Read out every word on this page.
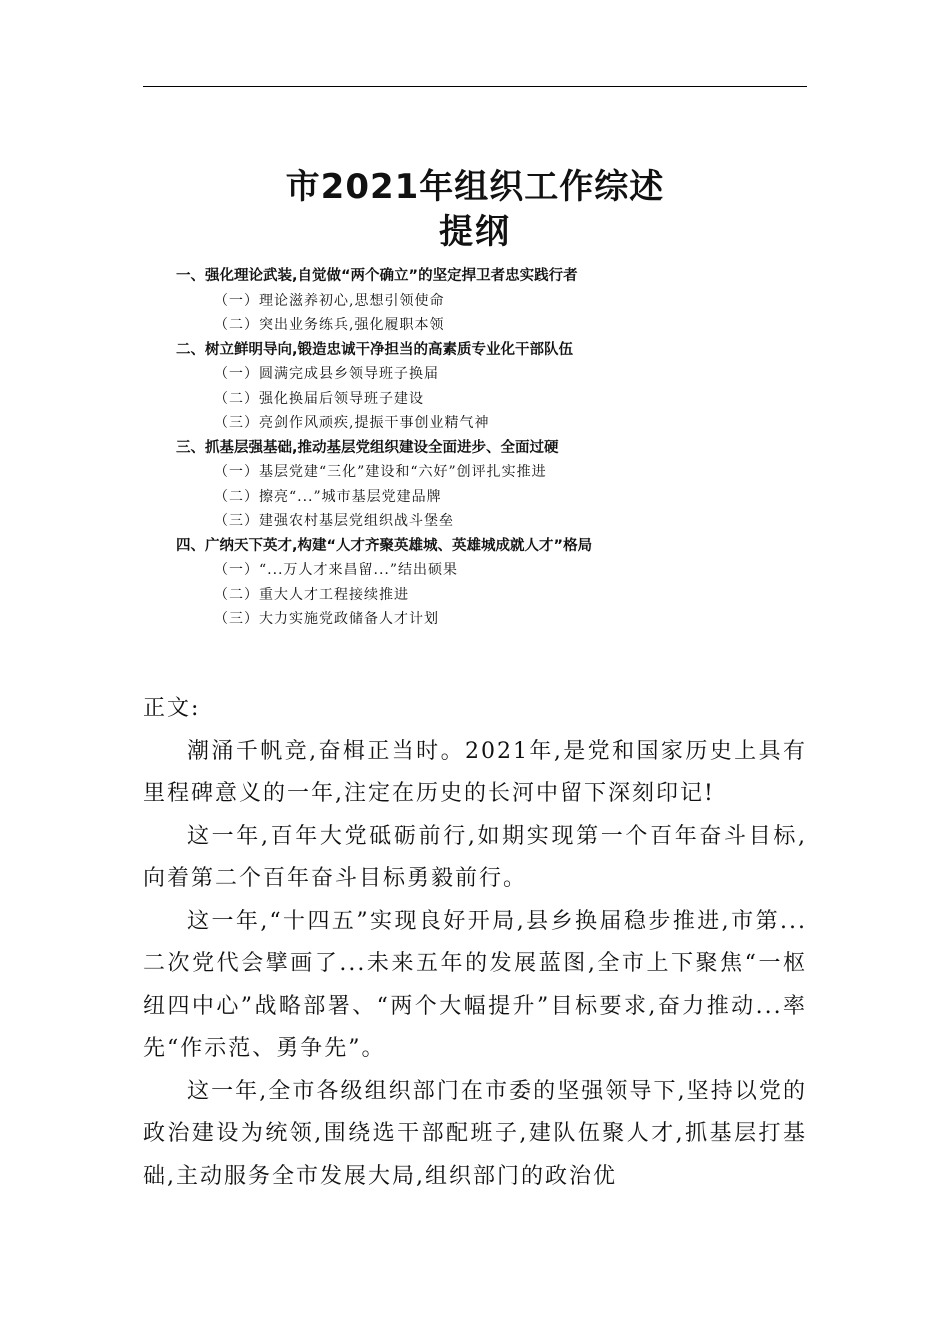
市2021年组织工作综述
提纲
一、强化理论武装,自觉做“两个确立”的坚定捍卫者忠实践行者
（一）理论滋养初心,思想引领使命
（二）突出业务练兵,强化履职本领
二、树立鲜明导向,锻造忠诚干净担当的高素质专业化干部队伍
（一）圆满完成县乡领导班子换届
（二）强化换届后领导班子建设
（三）亮剑作风顽疾,提振干事创业精气神
三、抓基层强基础,推动基层党组织建设全面进步、全面过硬
（一）基层党建“三化”建设和“六好”创评扎实推进
（二）擦亮“...”城市基层党建品牌
（三）建强农村基层党组织战斗堡垒
四、广纳天下英才,构建“人才齐聚英雄城、英雄城成就人才”格局
（一）“...万人才来昌留...”结出硕果
（二）重大人才工程接续推进
（三）大力实施党政储备人才计划

正文:

潮涌千帆竞,奋楫正当时。2021年,是党和国家历史上具有里程碑意义的一年,注定在历史的长河中留下深刻印记!

这一年,百年大党砥砺前行,如期实现第一个百年奋斗目标,向着第二个百年奋斗目标勇毅前行。

这一年,“十四五”实现良好开局,县乡换届稳步推进,市第...二次党代会擘画了...未来五年的发展蓝图,全市上下聚焦“一枢纽四中心”战略部署、“两个大幅提升”目标要求,奋力推动...率先“作示范、勇争先”。

这一年,全市各级组织部门在市委的坚强领导下,坚持以党的政治建设为统领,围绕选干部配班子,建队伍聚人才,抓基层打基础,主动服务全市发展大局,组织部门的政治优
